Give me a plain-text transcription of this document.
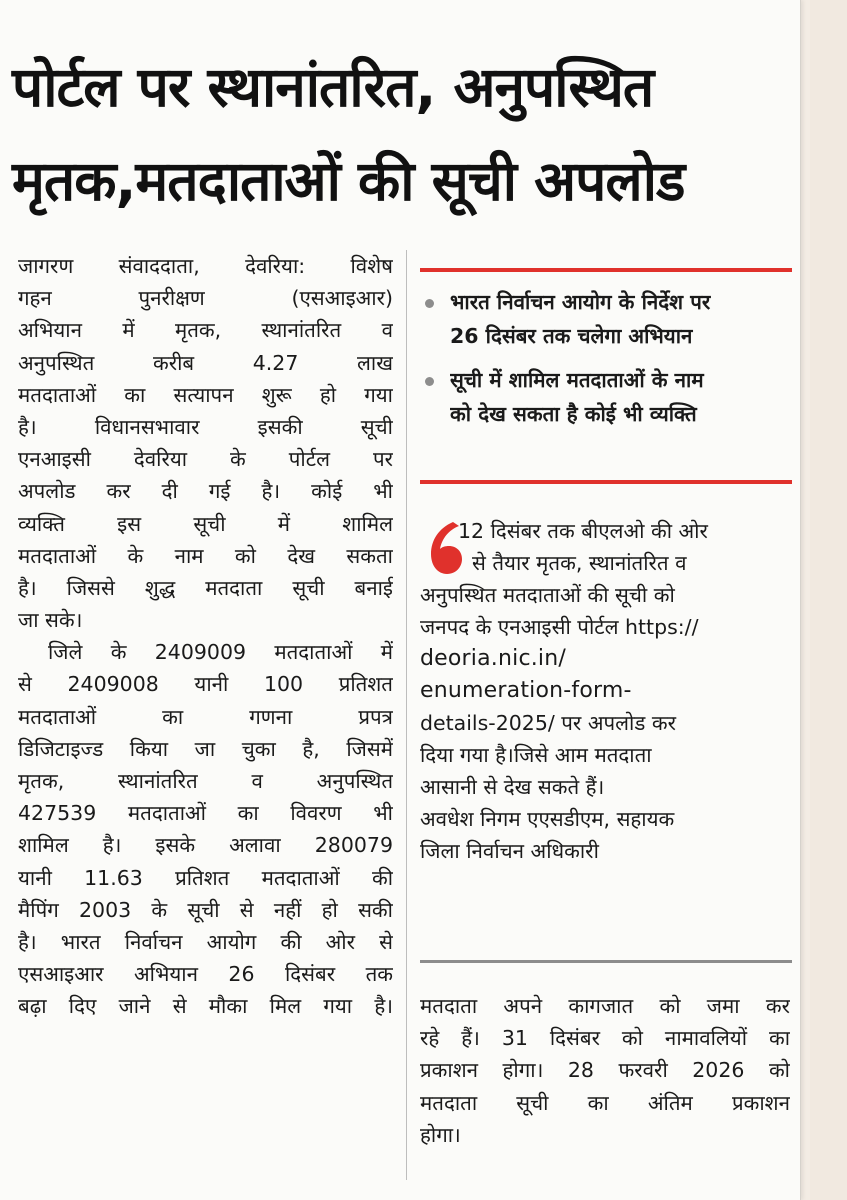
पोर्टल पर स्थानांतरित, अनुपस्थित
मृतक,मतदाताओं की सूची अपलोड
जागरण संवाददाता, देवरिया: विशेष
गहन पुनरीक्षण (एसआइआर)
अभियान में मृतक, स्थानांतरित व
अनुपस्थित करीब 4.27 लाख
मतदाताओं का सत्यापन शुरू हो गया
है। विधानसभावार इसकी सूची
एनआइसी देवरिया के पोर्टल पर
अपलोड कर दी गई है। कोई भी
व्यक्ति इस सूची में शामिल
मतदाताओं के नाम को देख सकता
है। जिससे शुद्ध मतदाता सूची बनाई
जा सके।
जिले के 2409009 मतदाताओं में
से 2409008 यानी 100 प्रतिशत
मतदाताओं का गणना प्रपत्र
डिजिटाइज्ड किया जा चुका है, जिसमें
मृतक, स्थानांतरित व अनुपस्थित
427539 मतदाताओं का विवरण भी
शामिल है। इसके अलावा 280079
यानी 11.63 प्रतिशत मतदाताओं की
मैपिंग 2003 के सूची से नहीं हो सकी
है। भारत निर्वाचन आयोग की ओर से
एसआइआर अभियान 26 दिसंबर तक
बढ़ा दिए जाने से मौका मिल गया है।
भारत निर्वाचन आयोग के निर्देश पर
26 दिसंबर तक चलेगा अभियान
सूची में शामिल मतदाताओं के नाम
को देख सकता है कोई भी व्यक्ति
12 दिसंबर तक बीएलओ की ओर
से तैयार मृतक, स्थानांतरित व
अनुपस्थित मतदाताओं की सूची को
जनपद के एनआइसी पोर्टल https://
deoria.nic.in/
enumeration-form-
details-2025/ पर अपलोड कर
दिया गया है।जिसे आम मतदाता
आसानी से देख सकते हैं।
अवधेश निगम एएसडीएम, सहायक
जिला निर्वाचन अधिकारी
मतदाता अपने कागजात को जमा कर
रहे हैं। 31 दिसंबर को नामावलियों का
प्रकाशन होगा। 28 फरवरी 2026 को
मतदाता सूची का अंतिम प्रकाशन
होगा।
